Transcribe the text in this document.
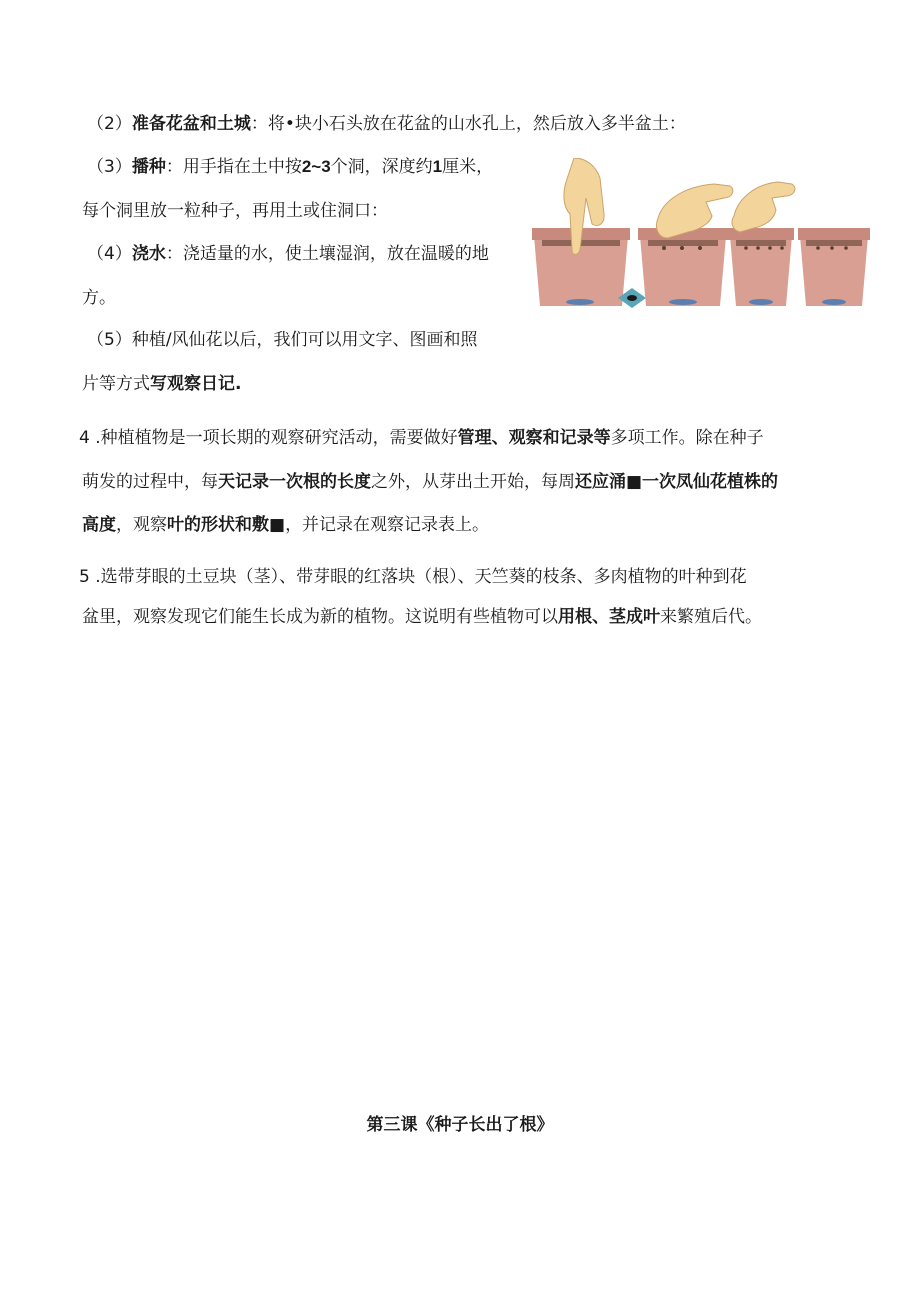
（2）准备花盆和土城：将•块小石头放在花盆的山水孔上，然后放入多半盆土：
（3）播种：用手指在土中按2~3个洞，深度约1厘米，
每个洞里放一粒种子，再用土或住洞口：
（4）浇水：浇适量的水，使土壤湿润，放在温暖的地
方。
（5）种植/风仙花以后，我们可以用文字、图画和照
片等方式写观察日记.
4 .种植植物是一项长期的观察研究活动，需要做好管理、观察和记录等多项工作。除在种子
萌发的过程中，每天记录一次根的长度之外，从芽出土开始，每周还应涌■一次凤仙花植株的
高度，观察叶的形状和敷■，并记录在观察记录表上。
5 .选带芽眼的土豆块（茎）、带芽眼的红落块（根）、天竺葵的枝条、多肉植物的叶种到花
盆里，观察发现它们能生长成为新的植物。这说明有些植物可以用根、茎成叶来繁殖后代。
第三课《种子长出了根》
